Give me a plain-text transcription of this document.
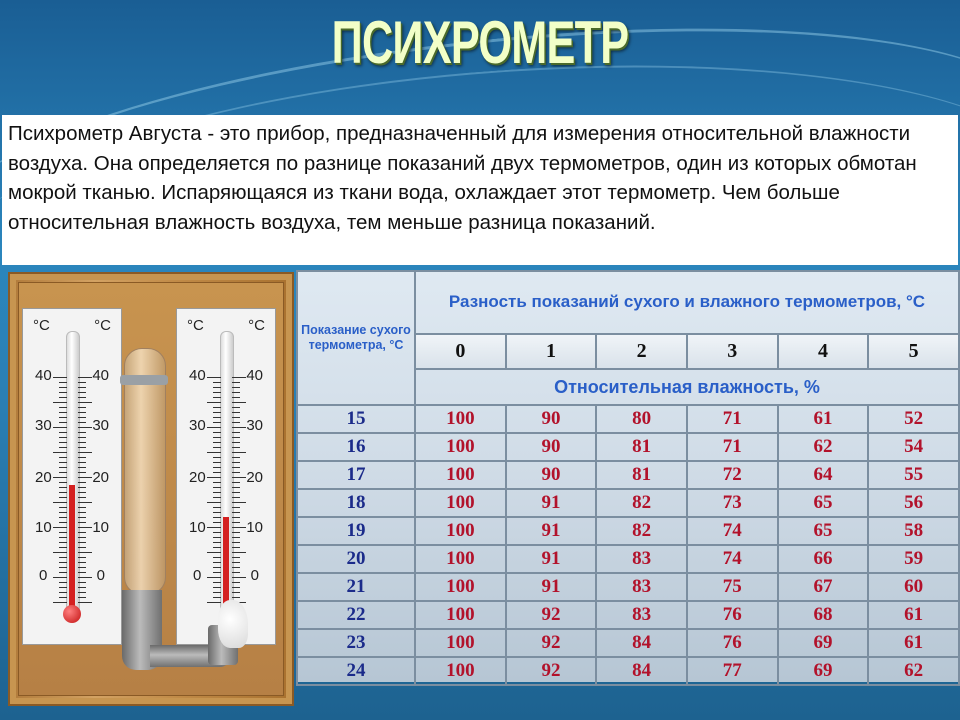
ПСИХРОМЕТР

Психрометр Августа - это прибор, предназначенный для измерения относительной влажности воздуха. Она определяется по разнице показаний двух термометров, один из которых обмотан мокрой тканью. Испаряющаяся из ткани вода, охлаждает этот термометр. Чем больше относительная влажность воздуха, тем меньше разница показаний.

°C	°C
40	40
30	30
20	20
10	10
0	0
°C	°C
40	40
30	30
20	20
10	10
0	0
Показание сухого термометра, °C	Разность показаний сухого и влажного термометров, °C					
	0	1	2	3	4	5
	Относительная влажность, %					
15	100	90	80	71	61	52
16	100	90	81	71	62	54
17	100	90	81	72	64	55
18	100	91	82	73	65	56
19	100	91	82	74	65	58
20	100	91	83	74	66	59
21	100	91	83	75	67	60
22	100	92	83	76	68	61
23	100	92	84	76	69	61
24	100	92	84	77	69	62
